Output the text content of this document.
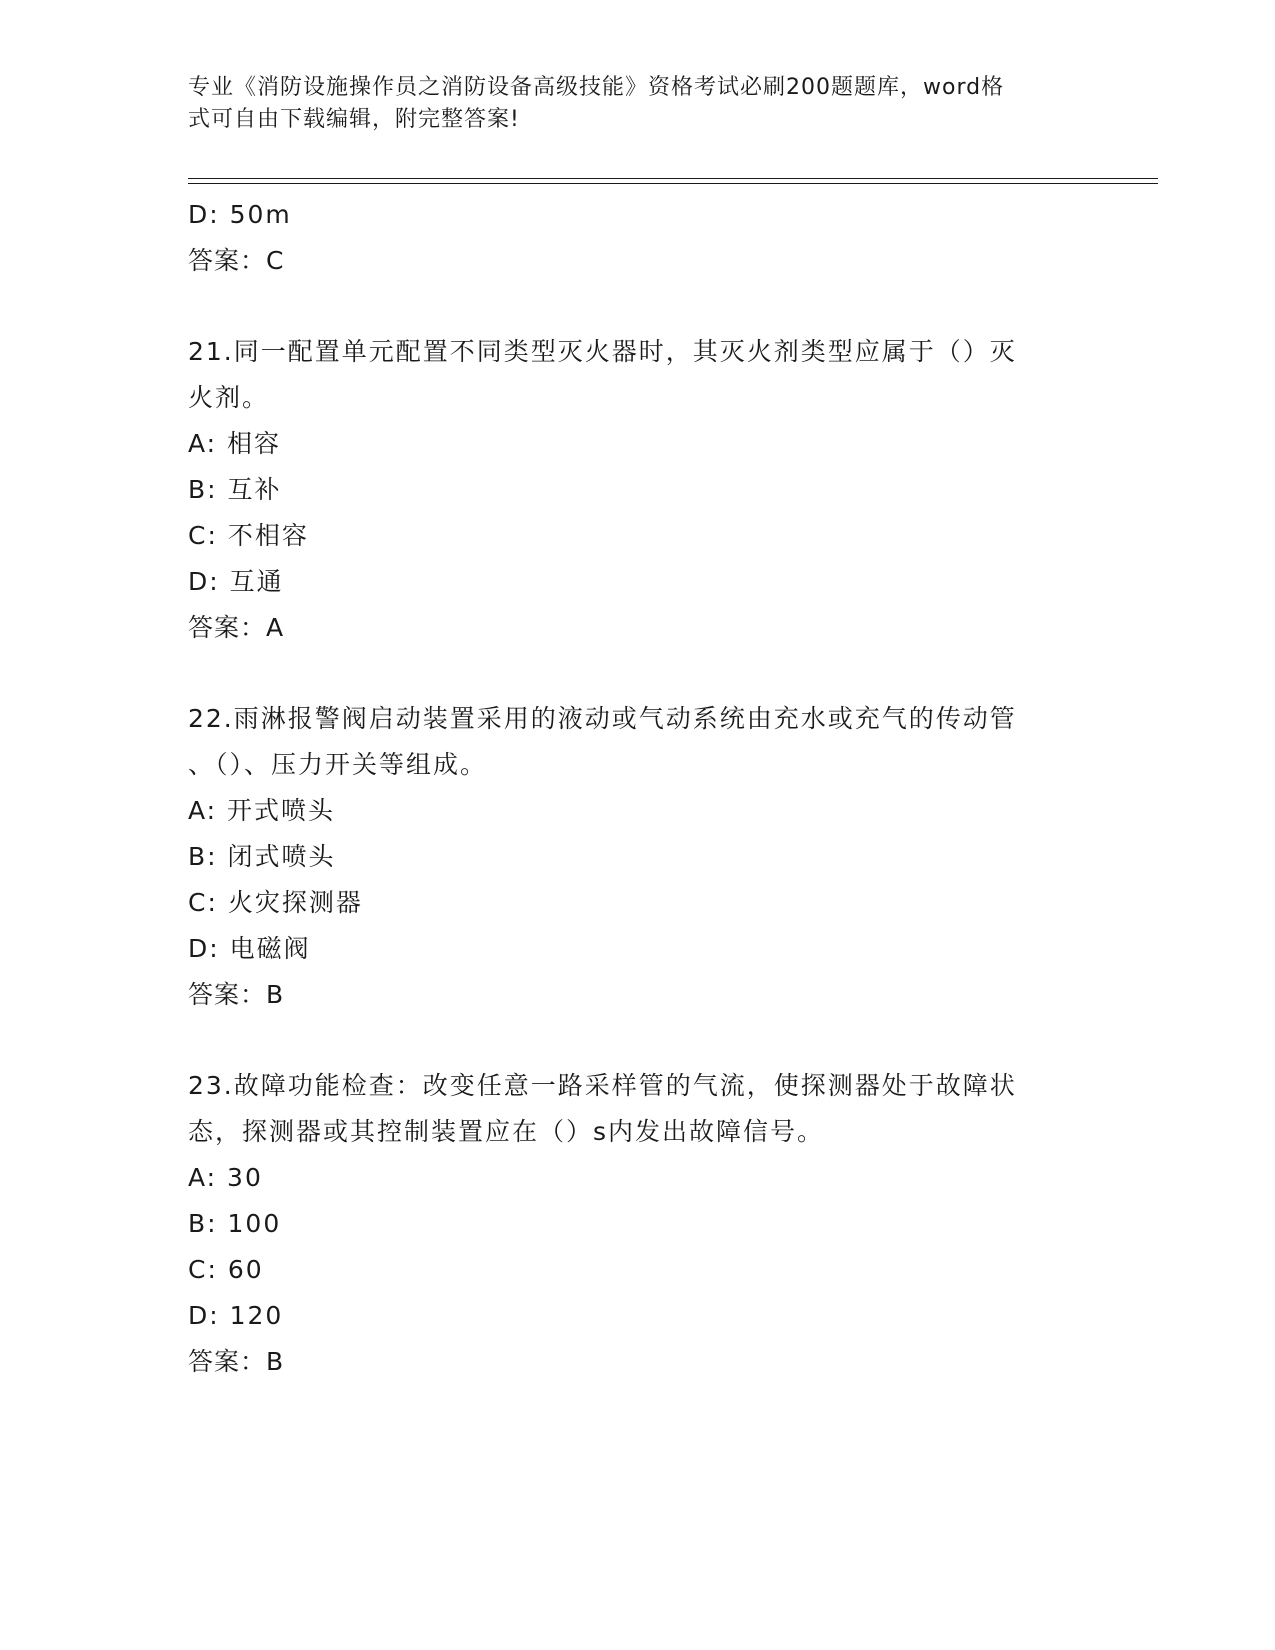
专业《消防设施操作员之消防设备高级技能》资格考试必刷200题题库，word格
式可自由下载编辑，附完整答案!
D: 50m
答案：C
21.同一配置单元配置不同类型灭火器时，其灭火剂类型应属于（）灭
火剂。
A: 相容
B: 互补
C: 不相容
D: 互通
答案：A
22.雨淋报警阀启动装置采用的液动或气动系统由充水或充气的传动管
、（）、压力开关等组成。
A: 开式喷头
B: 闭式喷头
C: 火灾探测器
D: 电磁阀
答案：B
23.故障功能检查：改变任意一路采样管的气流，使探测器处于故障状
态，探测器或其控制装置应在（）s内发出故障信号。
A: 30
B: 100
C: 60
D: 120
答案：B
